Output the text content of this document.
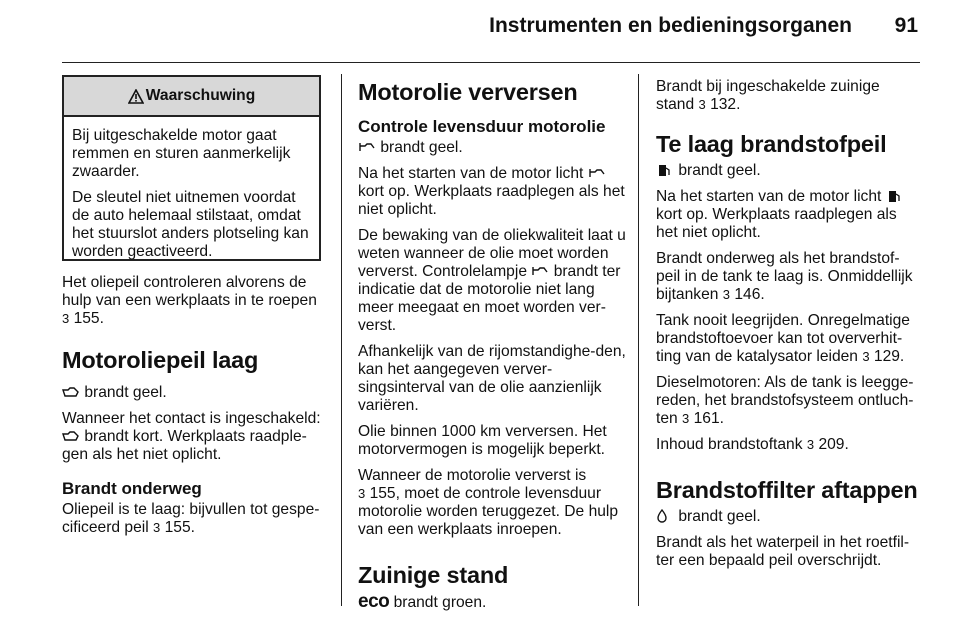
Instrumenten en bedieningsorganen 91
Waarschuwing

Bij uitgeschakelde motor gaat remmen en sturen aanmerkelijk zwaarder.

De sleutel niet uitnemen voordat de auto helemaal stilstaat, omdat het stuurslot anders plotseling kan worden geactiveerd.

Het oliepeil controleren alvorens de hulp van een werkplaats in te roepen 3 155.

Motoroliepeil laag

brandt geel.

Wanneer het contact is ingeschakeld:
brandt kort. Werkplaats raadple-gen als het niet oplicht.

Brandt onderweg

Oliepeil is te laag: bijvullen tot gespe-cificeerd peil 3 155.

Motorolie verversen
Controle levensduur motorolie

brandt geel.

Na het starten van de motor licht  kort op. Werkplaats raadplegen als het niet oplicht.

De bewaking van de oliekwaliteit laat u weten wanneer de olie moet worden ververst. Controlelampje brandt ter indicatie dat de motorolie niet lang meer meegaat en moet worden ver-verst.

Afhankelijk van de rijomstandighe-den, kan het aangegeven verver-singsinterval van de olie aanzienlijk variëren.

Olie binnen 1000 km verversen. Het motorvermogen is mogelijk beperkt.

Wanneer de motorolie ververst is
3 155, moet de controle levensduur motorolie worden teruggezet. De hulp van een werkplaats inroepen.

Zuinige stand

eco brandt groen.

Brandt bij ingeschakelde zuinige stand 3 132.

Te laag brandstofpeil

brandt geel.

Na het starten van de motor licht  kort op. Werkplaats raadplegen als het niet oplicht.

Brandt onderweg als het brandstof-peil in de tank te laag is. Onmiddellijk bijtanken 3 146.

Tank nooit leegrijden. Onregelmatige brandstoftoevoer kan tot oververhit-ting van de katalysator leiden 3 129.

Dieselmotoren: Als de tank is leegge-reden, het brandstofsysteem ontluch-ten 3 161.

Inhoud brandstoftank 3 209.

Brandstoffilter aftappen

brandt geel.

Brandt als het waterpeil in het roetfil-ter een bepaald peil overschrijdt.
